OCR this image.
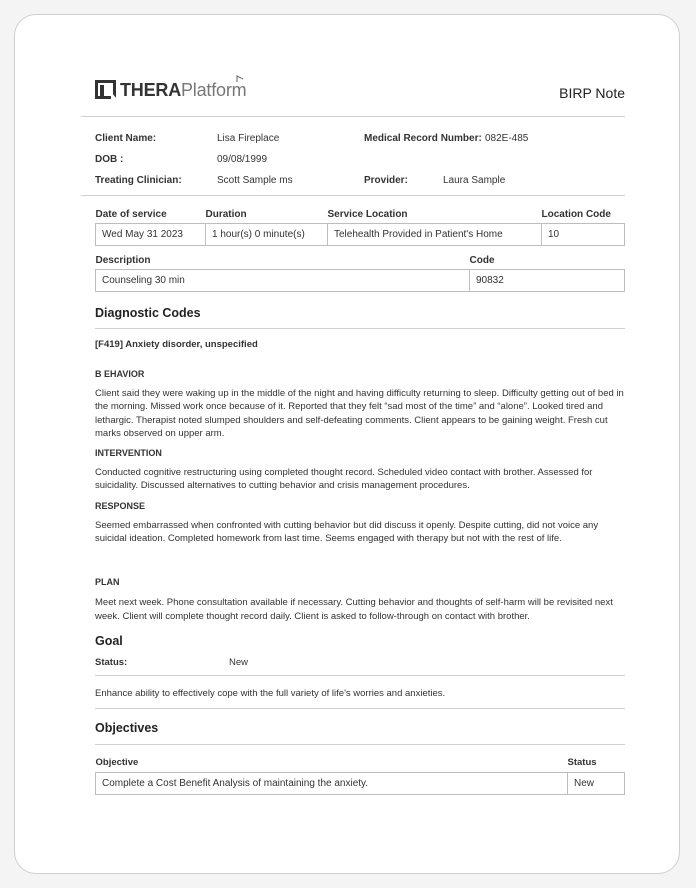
THERAPlatform	BIRP Note
Client Name:	Lisa Fireplace	Medical Record Number: 082E-485
DOB :	09/08/1999
Treating Clinician:	Scott Sample ms	Provider:	Laura Sample
Date of service	Duration	Service Location	Location Code
Wed May 31 2023	1 hour(s) 0 minute(s)	Telehealth Provided in Patient's Home	10
Description	Code
Counseling 30 min	90832
Diagnostic Codes
[F419] Anxiety disorder, unspecified
B EHAVIOR
Client said they were waking up in the middle of the night and having difficulty returning to sleep. Difficulty getting out of bed in the morning. Missed work once because of it. Reported that they felt “sad most of the time” and “alone”. Looked tired and lethargic. Therapist noted slumped shoulders and self-defeating comments. Client appears to be gaining weight. Fresh cut marks observed on upper arm.
INTERVENTION
Conducted cognitive restructuring using completed thought record. Scheduled video contact with brother. Assessed for suicidality. Discussed alternatives to cutting behavior and crisis management procedures.
RESPONSE
Seemed embarrassed when confronted with cutting behavior but did discuss it openly. Despite cutting, did not voice any suicidal ideation. Completed homework from last time. Seems engaged with therapy but not with the rest of life.
PLAN
Meet next week. Phone consultation available if necessary. Cutting behavior and thoughts of self-harm will be revisited next week. Client will complete thought record daily. Client is asked to follow-through on contact with brother.
Goal
Status:	New
Enhance ability to effectively cope with the full variety of life's worries and anxieties.
Objectives
Objective	Status
Complete a Cost Benefit Analysis of maintaining the anxiety.	New
